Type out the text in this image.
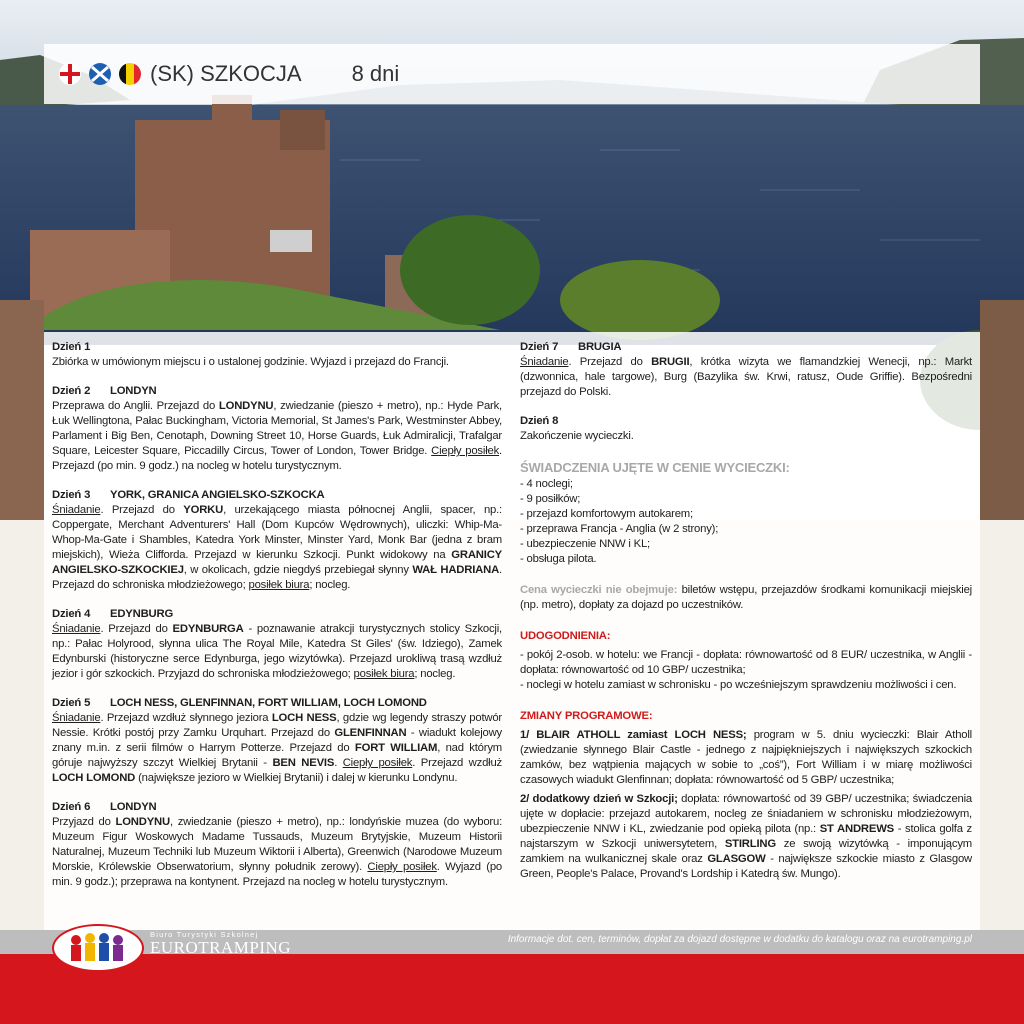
(SK) SZKOCJA 8 dni
Dzień 1
Zbiórka w umówionym miejscu i o ustalonej godzinie. Wyjazd i przejazd do Francji.
Dzień 2 LONDYN
Przeprawa do Anglii. Przejazd do LONDYNU, zwiedzanie (pieszo + metro), np.: Hyde Park, Łuk Wellingtona, Pałac Buckingham, Victoria Memorial, St James's Park, Westminster Abbey, Parlament i Big Ben, Cenotaph, Downing Street 10, Horse Guards, Łuk Admiralicji, Trafalgar Square, Leicester Square, Piccadilly Circus, Tower of London, Tower Bridge. Ciepły posiłek. Przejazd (po min. 9 godz.) na nocleg w hotelu turystycznym.
Dzień 3 YORK, GRANICA ANGIELSKO-SZKOCKA
Śniadanie. Przejazd do YORKU, urzekającego miasta północnej Anglii, spacer, np.: Coppergate, Merchant Adventurers' Hall (Dom Kupców Wędrownych), uliczki: Whip-Ma-Whop-Ma-Gate i Shambles, Katedra York Minster, Minster Yard, Monk Bar (jedna z bram miejskich), Wieża Clifforda. Przejazd w kierunku Szkocji. Punkt widokowy na GRANICY ANGIELSKO-SZKOCKIEJ, w okolicach, gdzie niegdyś przebiegał słynny WAŁ HADRIANA. Przejazd do schroniska młodzieżowego; posiłek biura; nocleg.
Dzień 4 EDYNBURG
Śniadanie. Przejazd do EDYNBURGA - poznawanie atrakcji turystycznych stolicy Szkocji, np.: Pałac Holyrood, słynna ulica The Royal Mile, Katedra St Giles' (św. Idziego), Zamek Edynburski (historyczne serce Edynburga, jego wizytówka). Przejazd urokliwą trasą wzdłuż jezior i gór szkockich. Przyjazd do schroniska młodzieżowego; posiłek biura; nocleg.
Dzień 5 LOCH NESS, GLENFINNAN, FORT WILLIAM, LOCH LOMOND
Śniadanie. Przejazd wzdłuż słynnego jeziora LOCH NESS, gdzie wg legendy straszy potwór Nessie. Krótki postój przy Zamku Urquhart. Przejazd do GLENFINNAN - wiadukt kolejowy znany m.in. z serii filmów o Harrym Potterze. Przejazd do FORT WILLIAM, nad którym góruje najwyższy szczyt Wielkiej Brytanii - BEN NEVIS. Ciepły posiłek. Przejazd wzdłuż LOCH LOMOND (największe jezioro w Wielkiej Brytanii) i dalej w kierunku Londynu.
Dzień 6 LONDYN
Przyjazd do LONDYNU, zwiedzanie (pieszo + metro), np.: londyńskie muzea (do wyboru: Muzeum Figur Woskowych Madame Tussauds, Muzeum Brytyjskie, Muzeum Historii Naturalnej, Muzeum Techniki lub Muzeum Wiktorii i Alberta), Greenwich (Narodowe Muzeum Morskie, Królewskie Obserwatorium, słynny południk zerowy). Ciepły posiłek. Wyjazd (po min. 9 godz.); przeprawa na kontynent. Przejazd na nocleg w hotelu turystycznym.
Dzień 7 BRUGIA
Śniadanie. Przejazd do BRUGII, krótka wizyta we flamandzkiej Wenecji, np.: Markt (dzwonnica, hale targowe), Burg (Bazylika św. Krwi, ratusz, Oude Griffie). Bezpośredni przejazd do Polski.
Dzień 8
Zakończenie wycieczki.
ŚWIADCZENIA UJĘTE W CENIE WYCIECZKI:
- 4 noclegi;
- 9 posiłków;
- przejazd komfortowym autokarem;
- przeprawa Francja - Anglia (w 2 strony);
- ubezpieczenie NNW i KL;
- obsługa pilota.
Cena wycieczki nie obejmuje: biletów wstępu, przejazdów środkami komunikacji miejskiej (np. metro), dopłaty za dojazd po uczestników.
UDOGODNIENIA:
- pokój 2-osob. w hotelu: we Francji - dopłata: równowartość od 8 EUR/ uczestnika, w Anglii - dopłata: równowartość od 10 GBP/ uczestnika;
- noclegi w hotelu zamiast w schronisku - po wcześniejszym sprawdzeniu możliwości i cen.
ZMIANY PROGRAMOWE:
1/ BLAIR ATHOLL zamiast LOCH NESS; program w 5. dniu wycieczki: Blair Atholl (zwiedzanie słynnego Blair Castle - jednego z najpiękniejszych i największych szkockich zamków, bez wątpienia mających w sobie to „coś”), Fort William i w miarę możliwości czasowych wiadukt Glenfinnan; dopłata: równowartość od 5 GBP/ uczestnika;
2/ dodatkowy dzień w Szkocji; dopłata: równowartość od 39 GBP/ uczestnika; świadczenia ujęte w dopłacie: przejazd autokarem, nocleg ze śniadaniem w schronisku młodzieżowym, ubezpieczenie NNW i KL, zwiedzanie pod opieką pilota (np.: ST ANDREWS - stolica golfa z najstarszym w Szkocji uniwersytetem, STIRLING ze swoją wizytówką - imponującym zamkiem na wulkanicznej skale oraz GLASGOW - największe szkockie miasto z Glasgow Green, People's Palace, Provand's Lordship i Katedrą św. Mungo).
Biuro Turystyki Szkolnej
EUROTRAMPING	Informacje dot. cen, terminów, dopłat za dojazd dostępne w dodatku do katalogu oraz na eurotramping.pl
